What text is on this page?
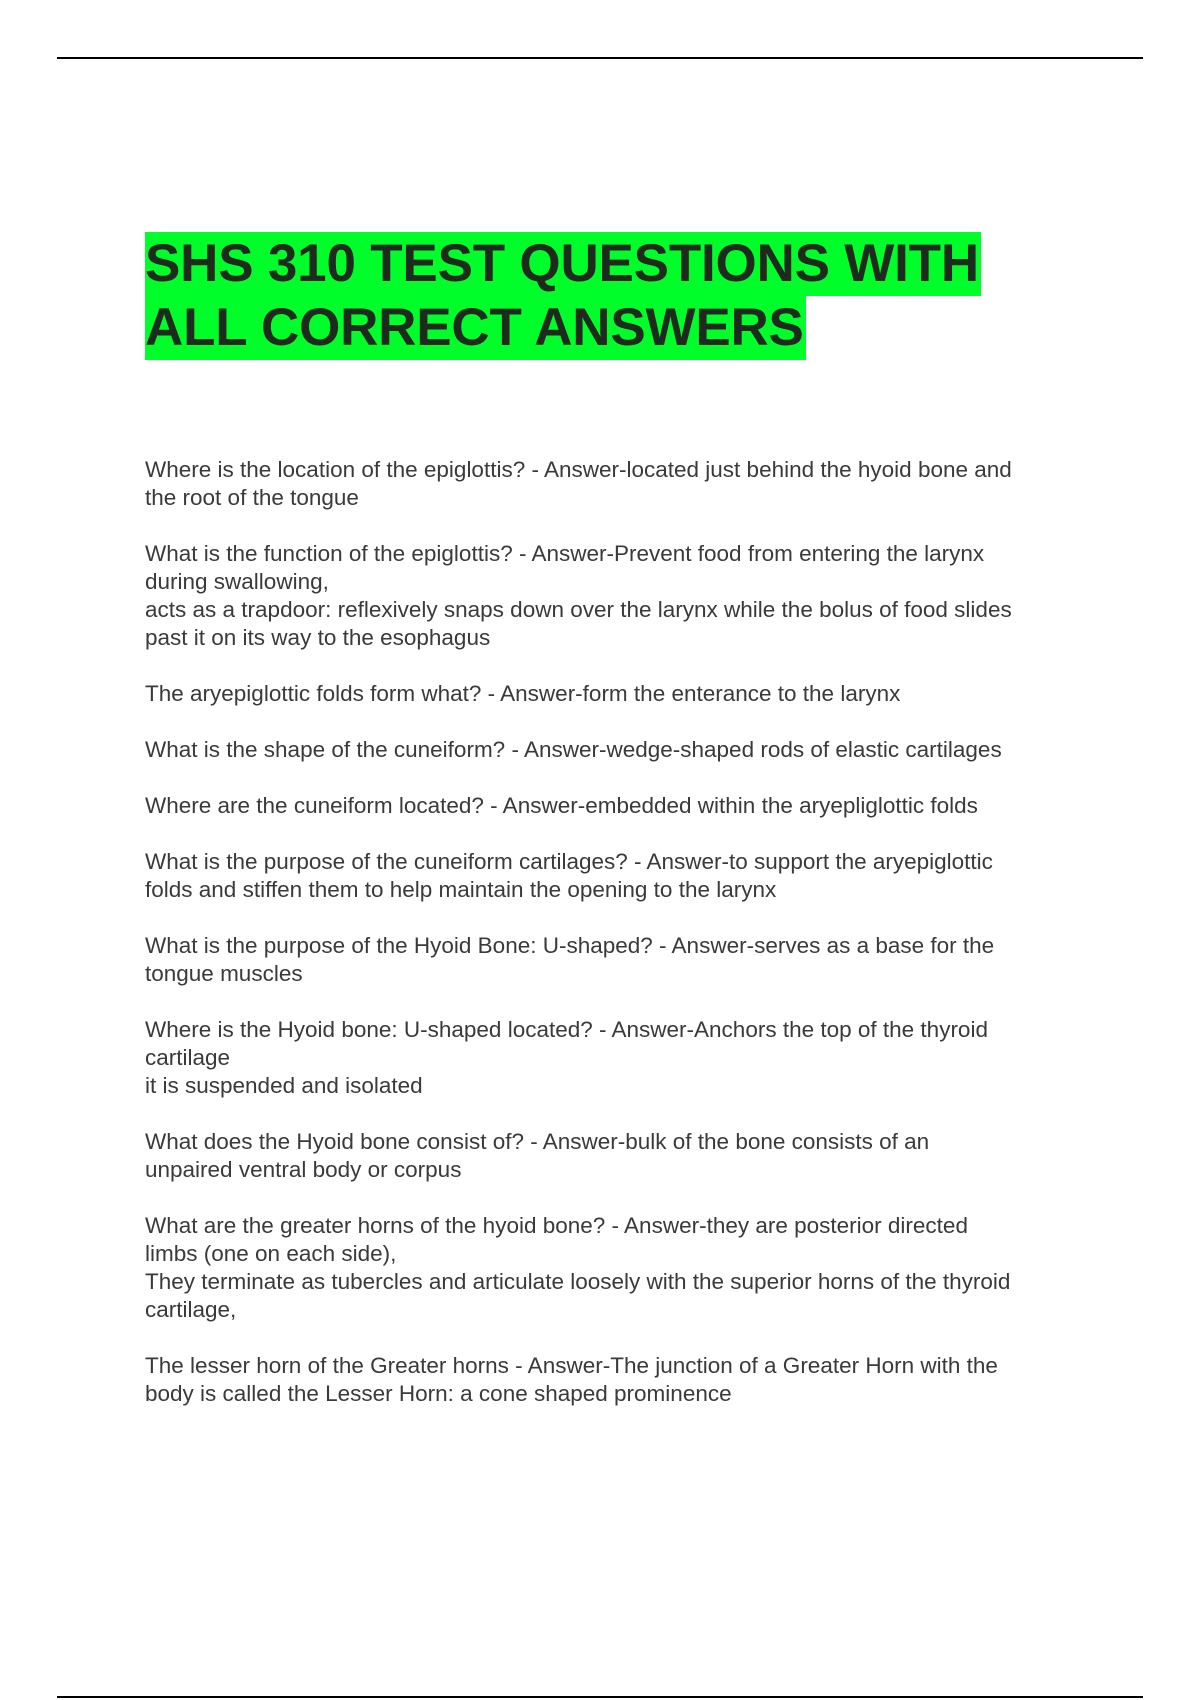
SHS 310 TEST QUESTIONS WITH
ALL CORRECT ANSWERS
Where is the location of the epiglottis? - Answer-located just behind the hyoid bone and
the root of the tongue
What is the function of the epiglottis? - Answer-Prevent food from entering the larynx
during swallowing,
acts as a trapdoor: reflexively snaps down over the larynx while the bolus of food slides
past it on its way to the esophagus
The aryepiglottic folds form what? - Answer-form the enterance to the larynx
What is the shape of the cuneiform? - Answer-wedge-shaped rods of elastic cartilages
Where are the cuneiform located? - Answer-embedded within the aryepliglottic folds
What is the purpose of the cuneiform cartilages? - Answer-to support the aryepiglottic
folds and stiffen them to help maintain the opening to the larynx
What is the purpose of the Hyoid Bone: U-shaped? - Answer-serves as a base for the
tongue muscles
Where is the Hyoid bone: U-shaped located? - Answer-Anchors the top of the thyroid
cartilage
it is suspended and isolated
What does the Hyoid bone consist of? - Answer-bulk of the bone consists of an
unpaired ventral body or corpus
What are the greater horns of the hyoid bone? - Answer-they are posterior directed
limbs (one on each side),
They terminate as tubercles and articulate loosely with the superior horns of the thyroid
cartilage,
The lesser horn of the Greater horns - Answer-The junction of a Greater Horn with the
body is called the Lesser Horn: a cone shaped prominence
